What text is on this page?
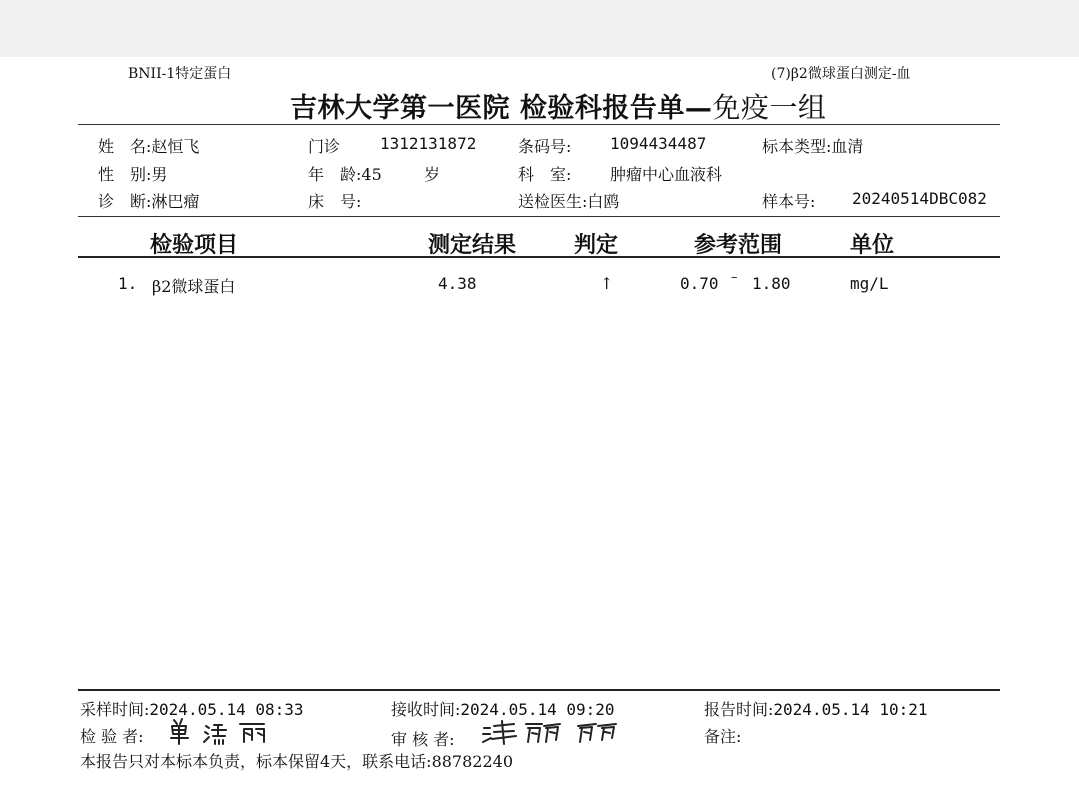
BNII-1特定蛋白	(7)β2微球蛋白测定-血
吉林大学第一医院 检验科报告单—免疫一组
姓　名:赵恒飞
性　别:男
诊　断:淋巴瘤
门诊 1312131872
年　龄:45	岁
床　号:
条码号: 1094434487
科　室: 肿瘤中心血液科
送检医生:白鸥
标本类型:血清
样本号: 20240514DBC082
检验项目	测定结果	判定	参考范围	单位
1. β2微球蛋白	4.38	↑	0.70 – 1.80	mg/L
采样时间:2024.05.14 08:33	接收时间:2024.05.14 09:20	报告时间:2024.05.14 10:21
检 验 者:	审 核 者:	备注:
本报告只对本标本负责，标本保留4天，联系电话:88782240
